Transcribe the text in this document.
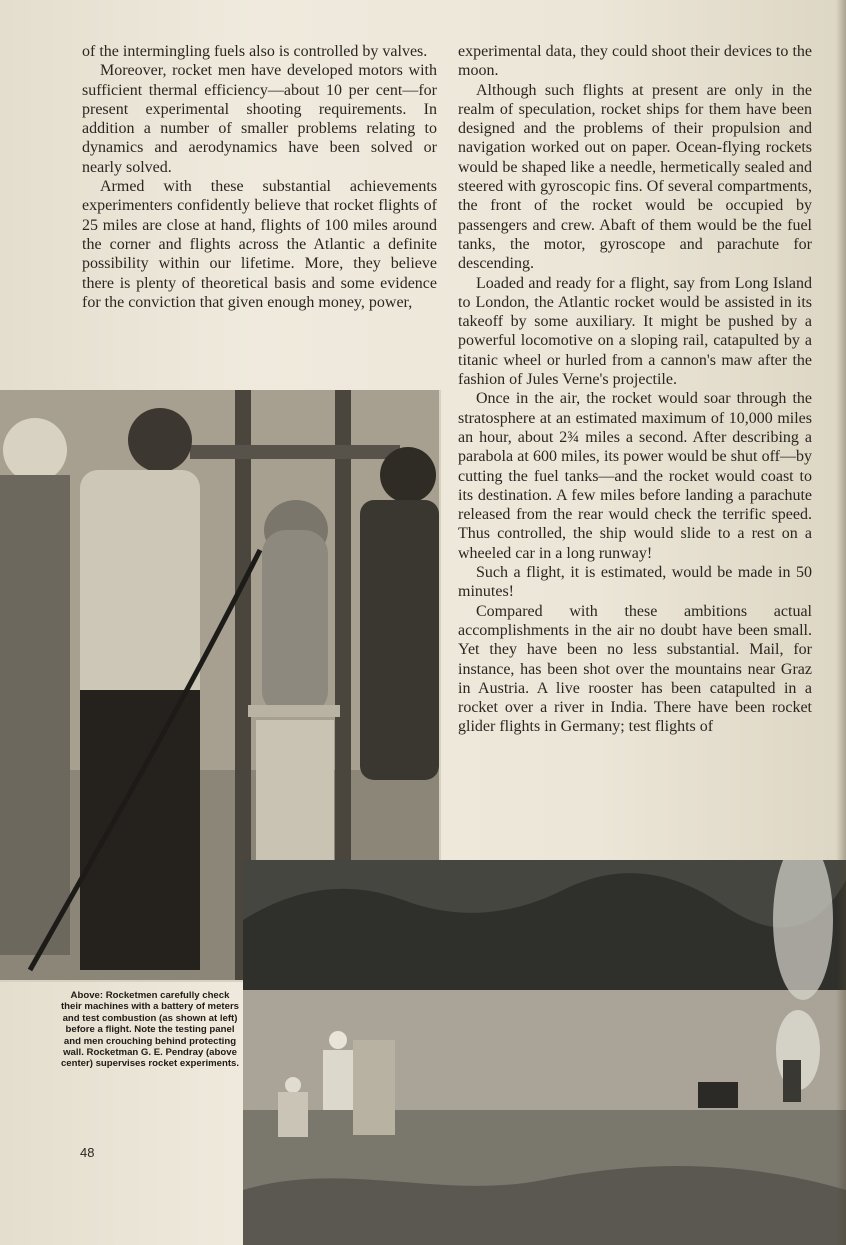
of the intermingling fuels also is controlled by valves.

Moreover, rocket men have developed motors with sufficient thermal efficiency—about 10 per cent—for present experimental shooting requirements. In addition a number of smaller problems relating to dynamics and aerodynamics have been solved or nearly solved.

Armed with these substantial achievements experimenters confidently believe that rocket flights of 25 miles are close at hand, flights of 100 miles around the corner and flights across the Atlantic a definite possibility within our lifetime. More, they believe there is plenty of theoretical basis and some evidence for the conviction that given enough money, power,

experimental data, they could shoot their devices to the moon.

Although such flights at present are only in the realm of speculation, rocket ships for them have been designed and the problems of their propulsion and navigation worked out on paper. Ocean-flying rockets would be shaped like a needle, hermetically sealed and steered with gyroscopic fins. Of several compartments, the front of the rocket would be occupied by passengers and crew. Abaft of them would be the fuel tanks, the motor, gyroscope and parachute for descending.

Loaded and ready for a flight, say from Long Island to London, the Atlantic rocket would be assisted in its takeoff by some auxiliary. It might be pushed by a powerful locomotive on a sloping rail, catapulted by a titanic wheel or hurled from a cannon's maw after the fashion of Jules Verne's projectile.

Once in the air, the rocket would soar through the stratosphere at an estimated maximum of 10,000 miles an hour, about 2¾ miles a second. After describing a parabola at 600 miles, its power would be shut off—by cutting the fuel tanks—and the rocket would coast to its destination. A few miles before landing a parachute released from the rear would check the terrific speed. Thus controlled, the ship would slide to a rest on a wheeled car in a long runway!

Such a flight, it is estimated, would be made in 50 minutes!

Compared with these ambitions actual accomplishments in the air no doubt have been small. Yet they have been no less substantial. Mail, for instance, has been shot over the mountains near Graz in Austria. A live rooster has been catapulted in a rocket over a river in India. There have been rocket glider flights in Germany; test flights of

Above: Rocketmen carefully check their machines with a battery of meters and test combustion (as shown at left) before a flight. Note the testing panel and men crouching behind protecting wall. Rocketman G. E. Pendray (above center) supervises rocket experiments.
48
